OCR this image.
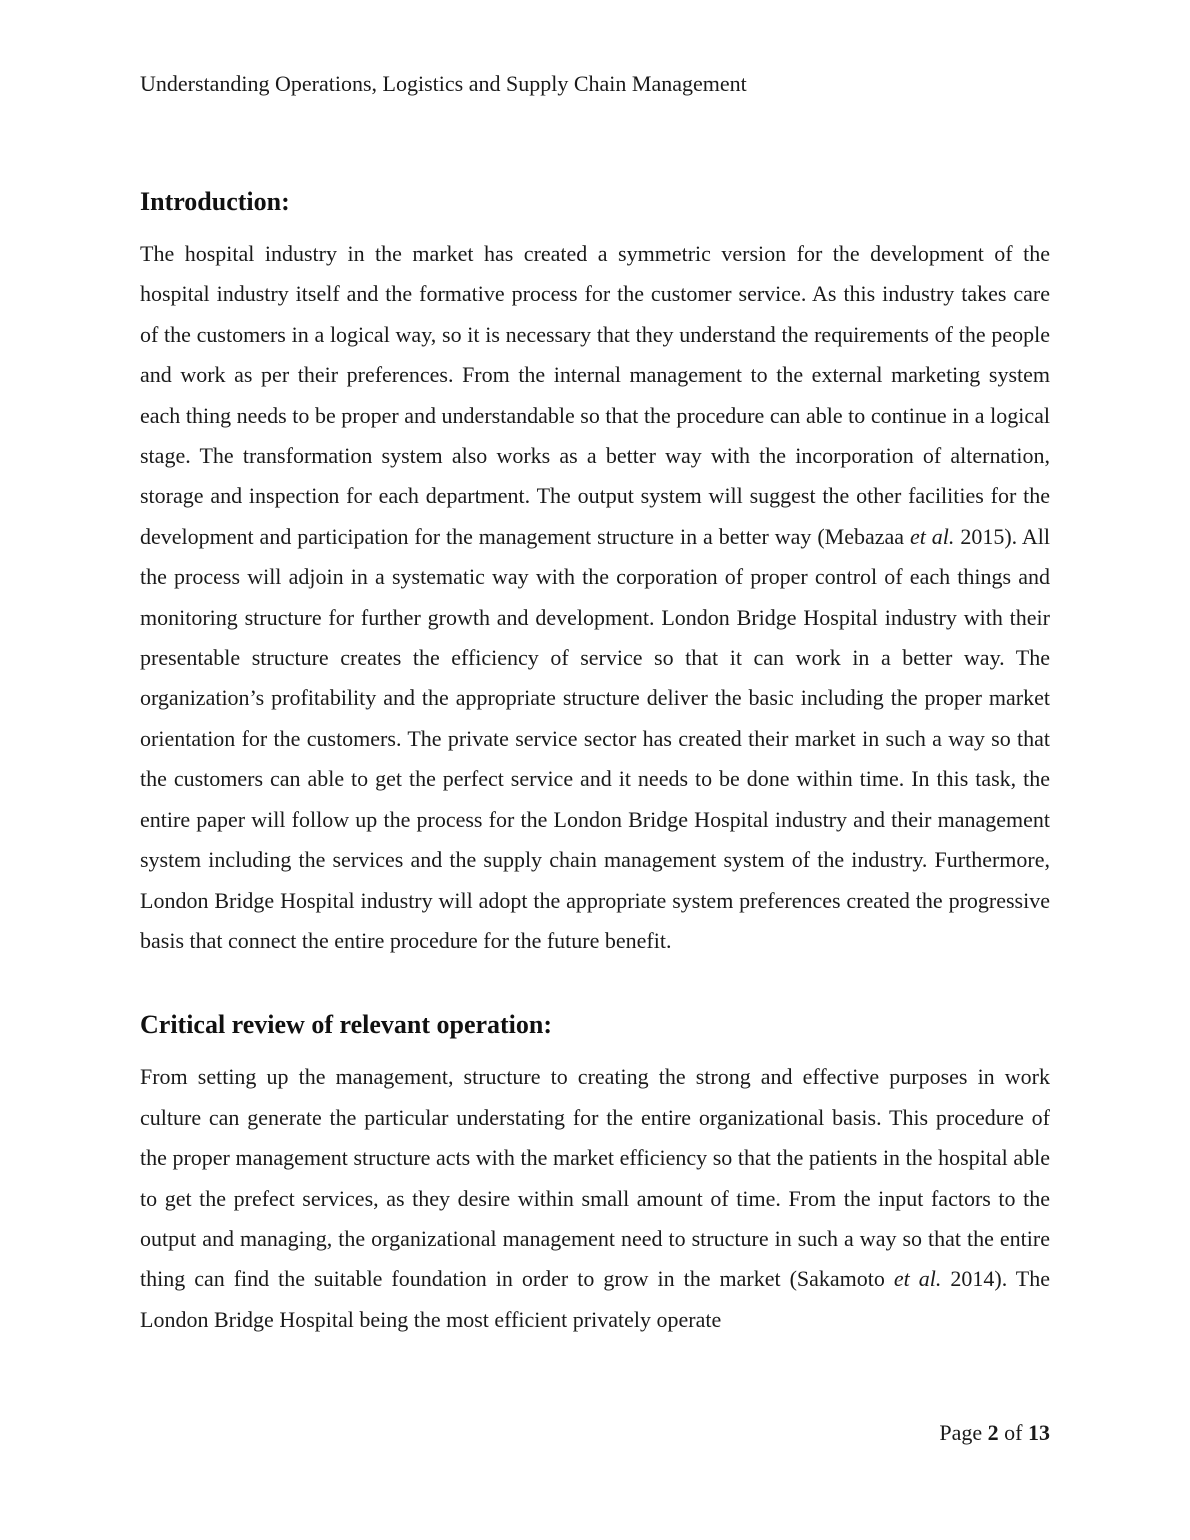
Understanding Operations, Logistics and Supply Chain Management
Introduction:

The hospital industry in the market has created a symmetric version for the development of the hospital industry itself and the formative process for the customer service. As this industry takes care of the customers in a logical way, so it is necessary that they understand the requirements of the people and work as per their preferences. From the internal management to the external marketing system each thing needs to be proper and understandable so that the procedure can able to continue in a logical stage. The transformation system also works as a better way with the incorporation of alternation, storage and inspection for each department. The output system will suggest the other facilities for the development and participation for the management structure in a better way (Mebazaa et al. 2015). All the process will adjoin in a systematic way with the corporation of proper control of each things and monitoring structure for further growth and development. London Bridge Hospital industry with their presentable structure creates the efficiency of service so that it can work in a better way. The organization’s profitability and the appropriate structure deliver the basic including the proper market orientation for the customers. The private service sector has created their market in such a way so that the customers can able to get the perfect service and it needs to be done within time. In this task, the entire paper will follow up the process for the London Bridge Hospital industry and their management system including the services and the supply chain management system of the industry. Furthermore, London Bridge Hospital industry will adopt the appropriate system preferences created the progressive basis that connect the entire procedure for the future benefit.

Critical review of relevant operation:

From setting up the management, structure to creating the strong and effective purposes in work culture can generate the particular understating for the entire organizational basis. This procedure of the proper management structure acts with the market efficiency so that the patients in the hospital able to get the prefect services, as they desire within small amount of time. From the input factors to the output and managing, the organizational management need to structure in such a way so that the entire thing can find the suitable foundation in order to grow in the market (Sakamoto et al. 2014). The London Bridge Hospital being the most efficient privately operate

Page 2 of 13
